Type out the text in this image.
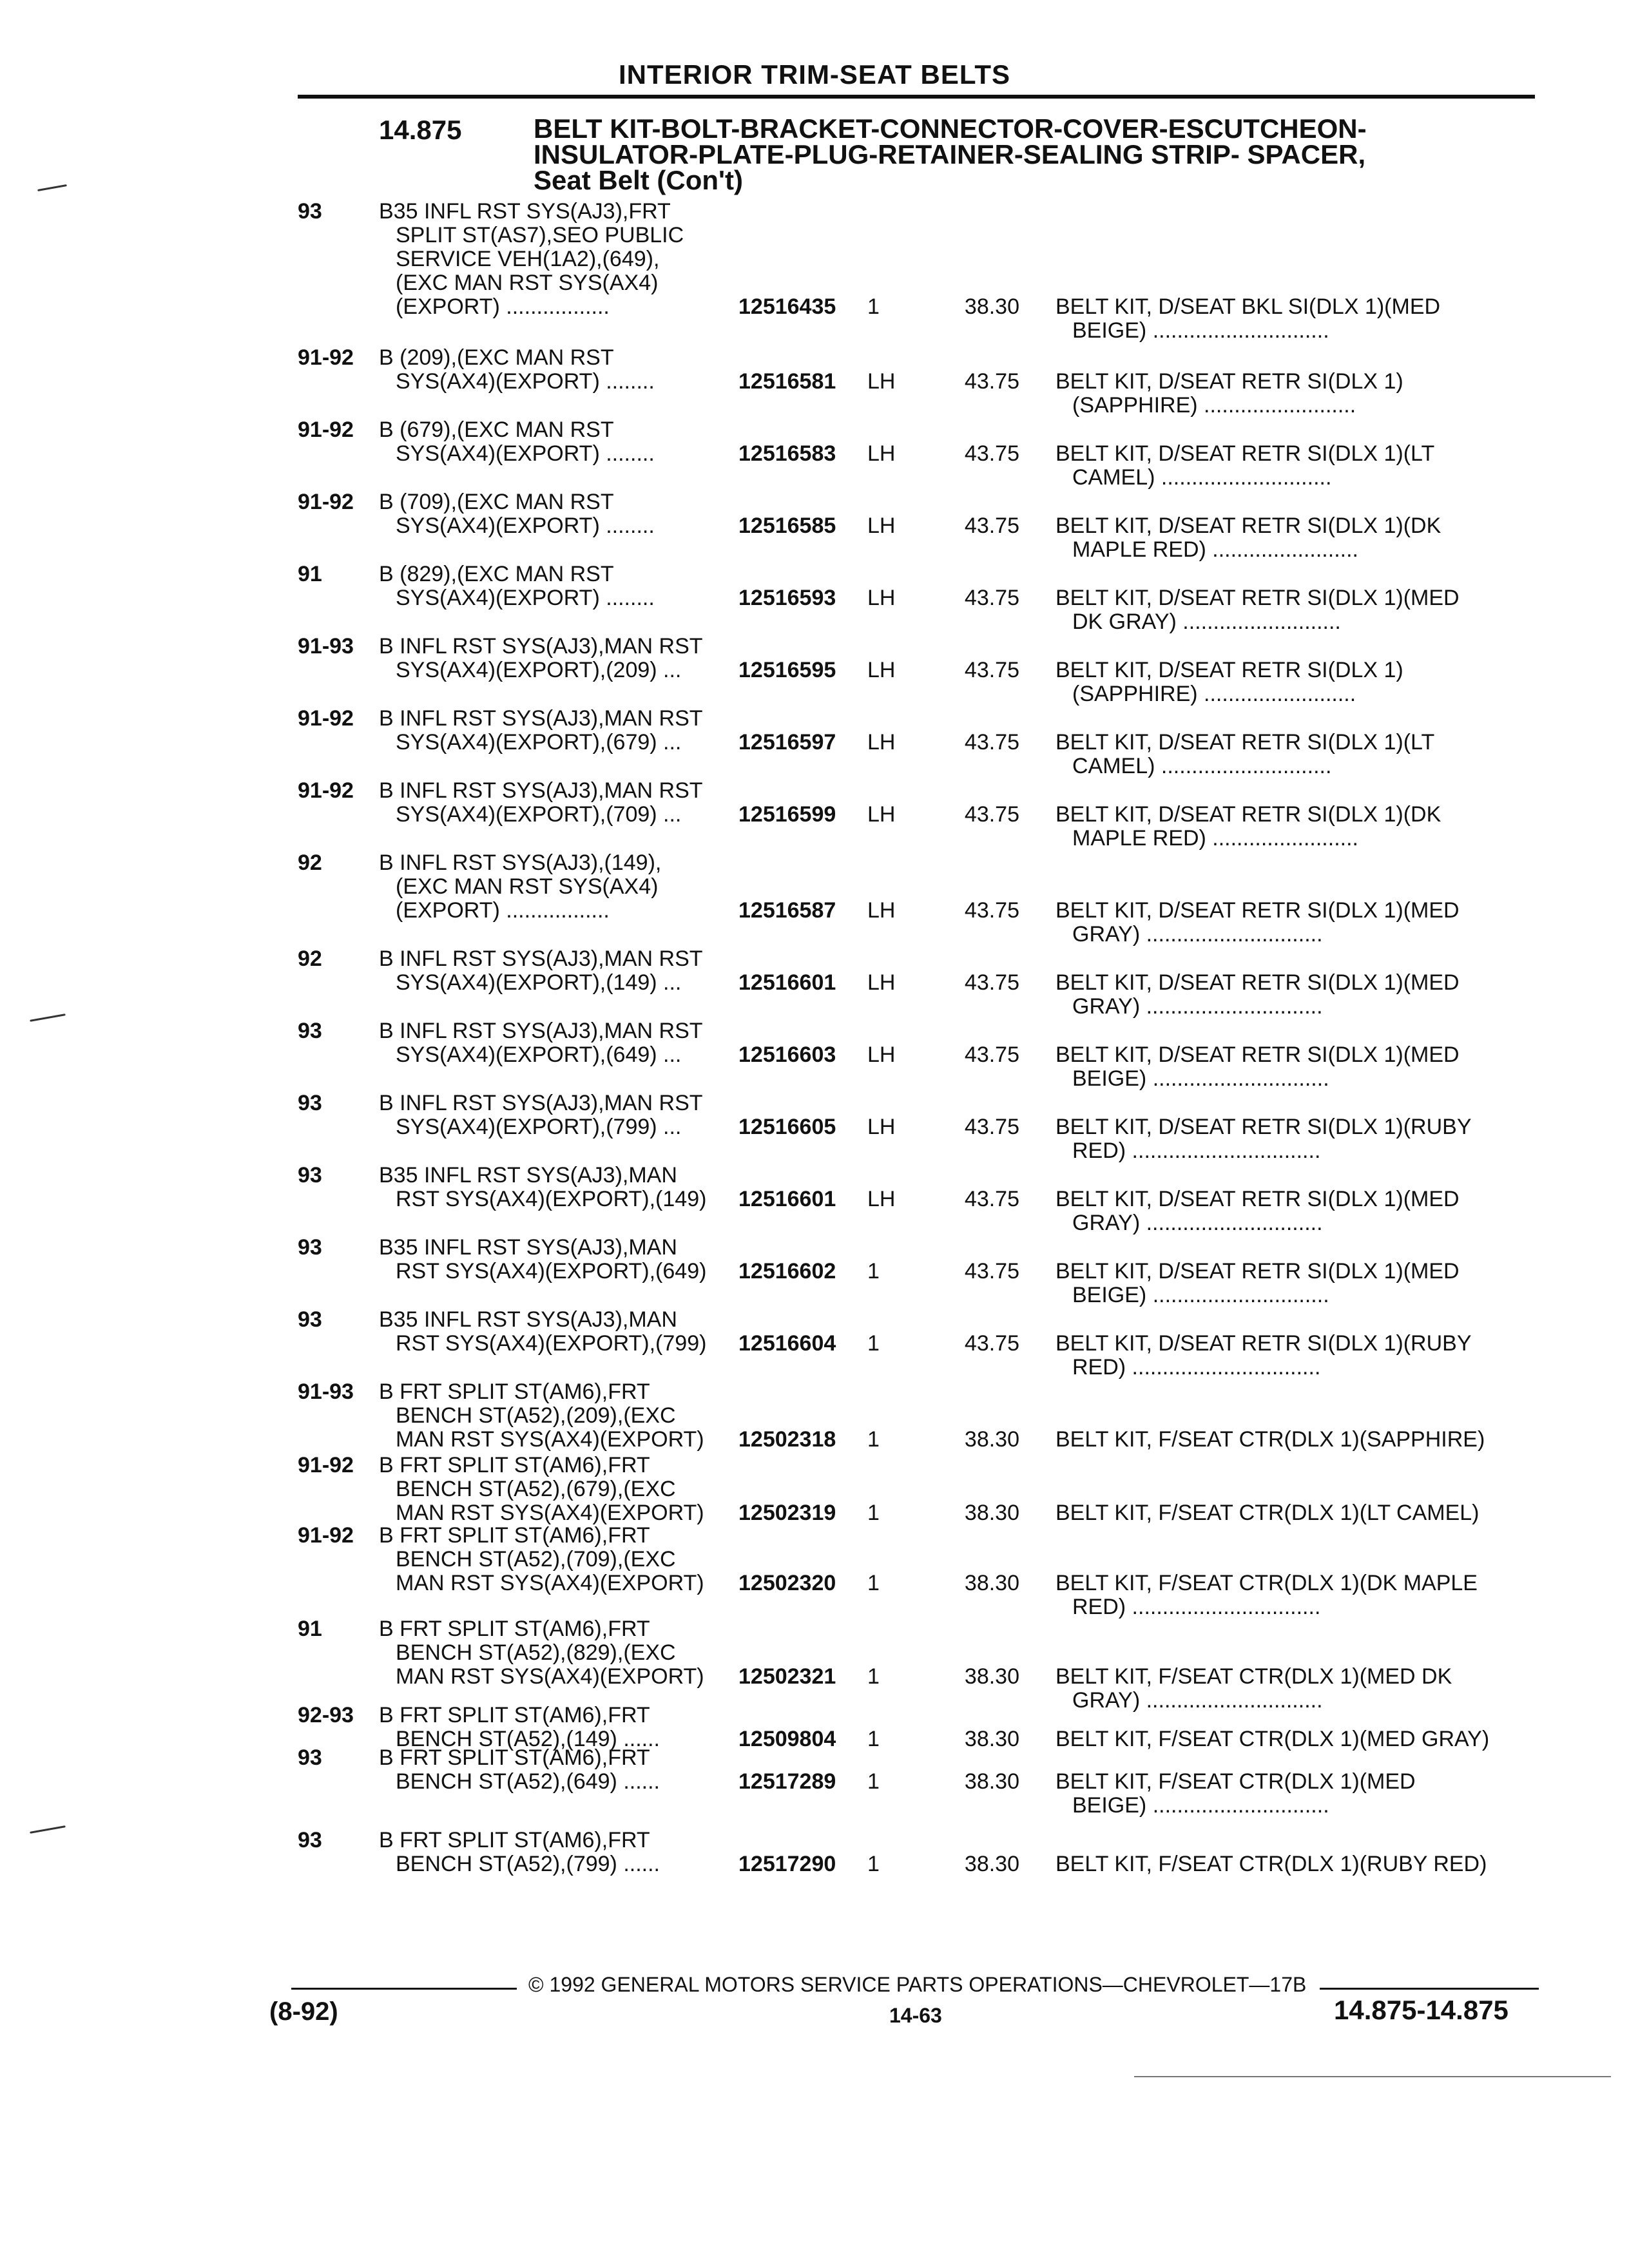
INTERIOR TRIM-SEAT BELTS
14.875	BELT KIT-BOLT-BRACKET-CONNECTOR-COVER-ESCUTCHEON-
INSULATOR-PLATE-PLUG-RETAINER-SEALING STRIP- SPACER,
Seat Belt (Con't)
93	B35 INFL RST SYS(AJ3),FRT
SPLIT ST(AS7),SEO PUBLIC
SERVICE VEH(1A2),(649),
(EXC MAN RST SYS(AX4)
(EXPORT) .................	12516435 1	38.30 BELT KIT, D/SEAT BKL SI(DLX 1)(MED
BEIGE) .............................
91-92 B (209),(EXC MAN RST
SYS(AX4)(EXPORT) ........	12516581 LH	43.75 BELT KIT, D/SEAT RETR SI(DLX 1)
(SAPPHIRE) .........................
91-92 B (679),(EXC MAN RST
SYS(AX4)(EXPORT) ........	12516583 LH	43.75 BELT KIT, D/SEAT RETR SI(DLX 1)(LT
CAMEL) ............................
91-92 B (709),(EXC MAN RST
SYS(AX4)(EXPORT) ........	12516585 LH	43.75 BELT KIT, D/SEAT RETR SI(DLX 1)(DK
MAPLE RED) ........................
91	B (829),(EXC MAN RST
SYS(AX4)(EXPORT) ........	12516593 LH	43.75 BELT KIT, D/SEAT RETR SI(DLX 1)(MED
DK GRAY) ..........................
91-93 B INFL RST SYS(AJ3),MAN RST
SYS(AX4)(EXPORT),(209) ...	12516595 LH	43.75 BELT KIT, D/SEAT RETR SI(DLX 1)
(SAPPHIRE) .........................
91-92 B INFL RST SYS(AJ3),MAN RST
SYS(AX4)(EXPORT),(679) ...	12516597 LH	43.75 BELT KIT, D/SEAT RETR SI(DLX 1)(LT
CAMEL) ............................
91-92 B INFL RST SYS(AJ3),MAN RST
SYS(AX4)(EXPORT),(709) ...	12516599 LH	43.75 BELT KIT, D/SEAT RETR SI(DLX 1)(DK
MAPLE RED) ........................
92	B INFL RST SYS(AJ3),(149),
(EXC MAN RST SYS(AX4)
(EXPORT) .................	12516587 LH	43.75 BELT KIT, D/SEAT RETR SI(DLX 1)(MED
GRAY) .............................
92	B INFL RST SYS(AJ3),MAN RST
SYS(AX4)(EXPORT),(149) ...	12516601 LH	43.75 BELT KIT, D/SEAT RETR SI(DLX 1)(MED
GRAY) .............................
93	B INFL RST SYS(AJ3),MAN RST
SYS(AX4)(EXPORT),(649) ...	12516603 LH	43.75 BELT KIT, D/SEAT RETR SI(DLX 1)(MED
BEIGE) .............................
93	B INFL RST SYS(AJ3),MAN RST
SYS(AX4)(EXPORT),(799) ...	12516605 LH	43.75 BELT KIT, D/SEAT RETR SI(DLX 1)(RUBY
RED) ...............................
93	B35 INFL RST SYS(AJ3),MAN
RST SYS(AX4)(EXPORT),(149)	12516601 LH	43.75 BELT KIT, D/SEAT RETR SI(DLX 1)(MED
GRAY) .............................
93	B35 INFL RST SYS(AJ3),MAN
RST SYS(AX4)(EXPORT),(649)	12516602 1	43.75 BELT KIT, D/SEAT RETR SI(DLX 1)(MED
BEIGE) .............................
93	B35 INFL RST SYS(AJ3),MAN
RST SYS(AX4)(EXPORT),(799)	12516604 1	43.75 BELT KIT, D/SEAT RETR SI(DLX 1)(RUBY
RED) ...............................
91-93 B FRT SPLIT ST(AM6),FRT
BENCH ST(A52),(209),(EXC
MAN RST SYS(AX4)(EXPORT)	12502318 1	38.30 BELT KIT, F/SEAT CTR(DLX 1)(SAPPHIRE)
91-92 B FRT SPLIT ST(AM6),FRT
BENCH ST(A52),(679),(EXC
MAN RST SYS(AX4)(EXPORT)	12502319 1	38.30 BELT KIT, F/SEAT CTR(DLX 1)(LT CAMEL)
91-92 B FRT SPLIT ST(AM6),FRT
BENCH ST(A52),(709),(EXC
MAN RST SYS(AX4)(EXPORT)	12502320 1	38.30 BELT KIT, F/SEAT CTR(DLX 1)(DK MAPLE
RED) ...............................
91	B FRT SPLIT ST(AM6),FRT
BENCH ST(A52),(829),(EXC
MAN RST SYS(AX4)(EXPORT)	12502321 1	38.30 BELT KIT, F/SEAT CTR(DLX 1)(MED DK
GRAY) .............................
92-93 B FRT SPLIT ST(AM6),FRT
BENCH ST(A52),(149) ......	12509804 1	38.30 BELT KIT, F/SEAT CTR(DLX 1)(MED GRAY)
93	B FRT SPLIT ST(AM6),FRT
BENCH ST(A52),(649) ......	12517289 1	38.30 BELT KIT, F/SEAT CTR(DLX 1)(MED
BEIGE) .............................
93	B FRT SPLIT ST(AM6),FRT
BENCH ST(A52),(799) ......	12517290 1	38.30 BELT KIT, F/SEAT CTR(DLX 1)(RUBY RED)
© 1992 GENERAL MOTORS SERVICE PARTS OPERATIONS—CHEVROLET—17B
(8-92)	14-63	14.875-14.875
